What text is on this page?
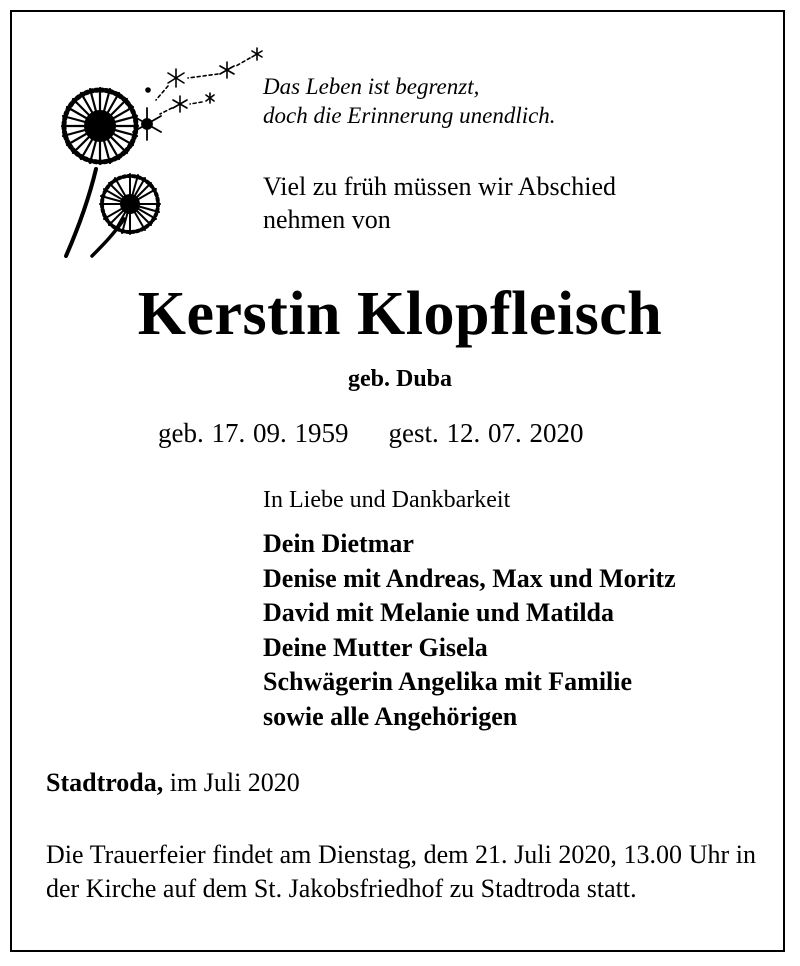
Das Leben ist begrenzt,
doch die Erinnerung unendlich.
Viel zu früh müssen wir Abschied
nehmen von
Kerstin Klopfleisch
geb. Duba
geb. 17. 09. 1959 gest. 12. 07. 2020
In Liebe und Dankbarkeit
Dein Dietmar
Denise mit Andreas, Max und Moritz
David mit Melanie und Matilda
Deine Mutter Gisela
Schwägerin Angelika mit Familie
sowie alle Angehörigen
Stadtroda, im Juli 2020
Die Trauerfeier findet am Dienstag, dem 21. Juli 2020, 13.00 Uhr in der Kirche auf dem St. Jakobsfriedhof zu Stadtroda statt.
